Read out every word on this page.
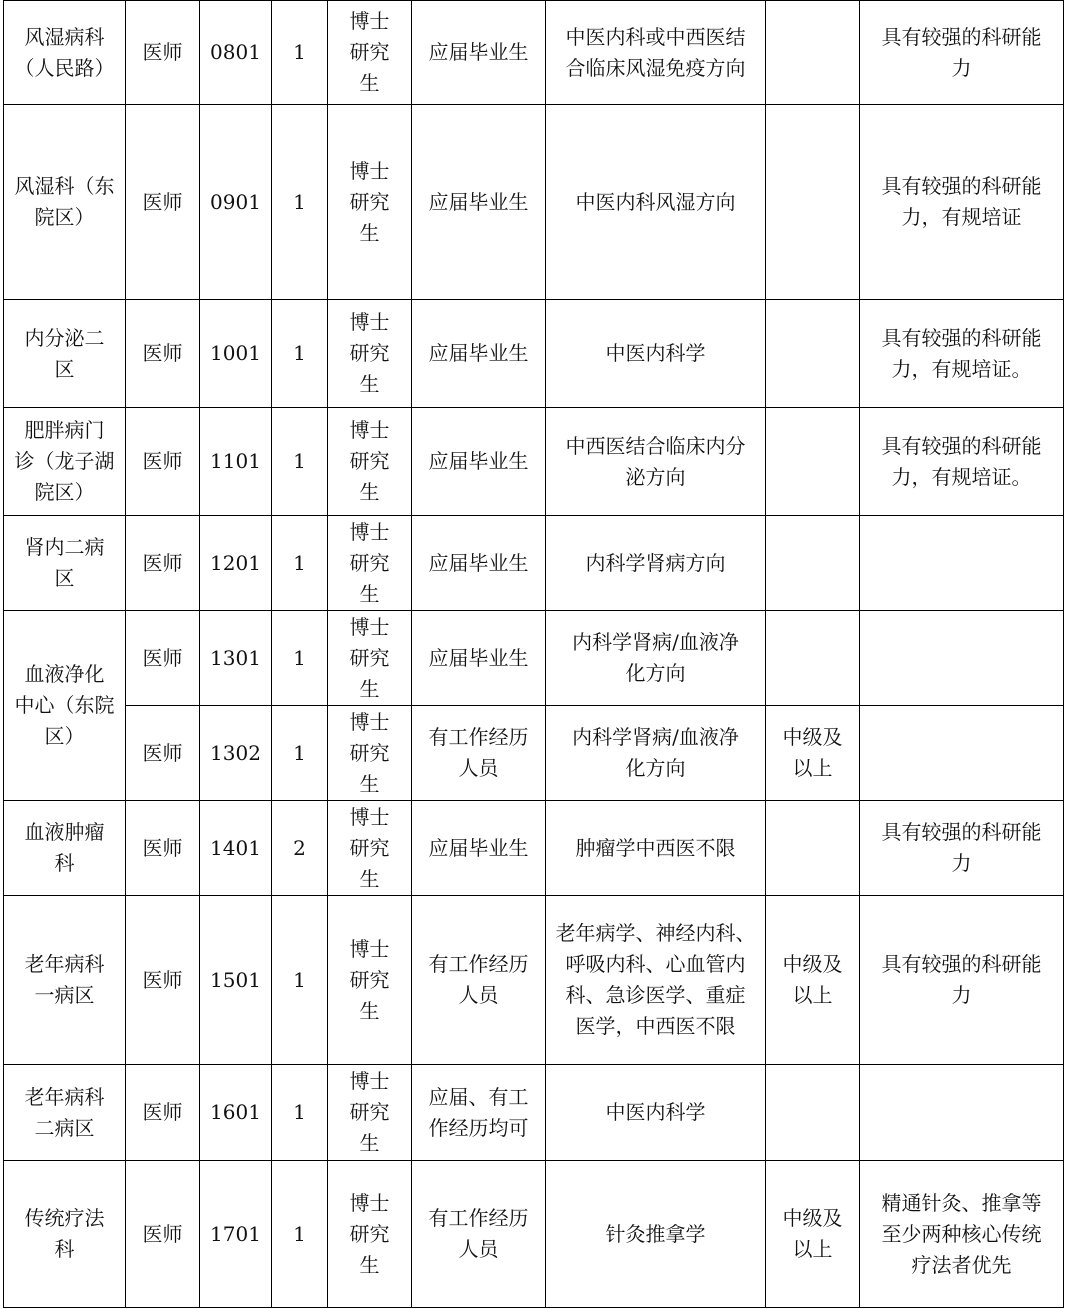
风湿病科
（人民路）	医师	0801	1	博士
研究
生	应届毕业生	中医内科或中西医结
合临床风湿免疫方向		具有较强的科研能
力
风湿科（东
院区）	医师	0901	1	博士
研究
生	应届毕业生	中医内科风湿方向		具有较强的科研能
力，有规培证
内分泌二
区	医师	1001	1	博士
研究
生	应届毕业生	中医内科学		具有较强的科研能
力，有规培证。
肥胖病门
诊（龙子湖
院区）	医师	1101	1	博士
研究
生	应届毕业生	中西医结合临床内分
泌方向		具有较强的科研能
力，有规培证。
肾内二病
区	医师	1201	1	博士
研究
生	应届毕业生	内科学肾病方向		
血液净化
中心（东院
区）	医师	1301	1	博士
研究
生	应届毕业生	内科学肾病/血液净
化方向		
	医师	1302	1	博士
研究
生	有工作经历
人员	内科学肾病/血液净
化方向	中级及
以上	
血液肿瘤
科	医师	1401	2	博士
研究
生	应届毕业生	肿瘤学中西医不限		具有较强的科研能
力
老年病科
一病区	医师	1501	1	博士
研究
生	有工作经历
人员	老年病学、神经内科、
呼吸内科、心血管内
科、急诊医学、重症
医学，中西医不限	中级及
以上	具有较强的科研能
力
老年病科
二病区	医师	1601	1	博士
研究
生	应届、有工
作经历均可	中医内科学		
传统疗法
科	医师	1701	1	博士
研究
生	有工作经历
人员	针灸推拿学	中级及
以上	精通针灸、推拿等
至少两种核心传统
疗法者优先
